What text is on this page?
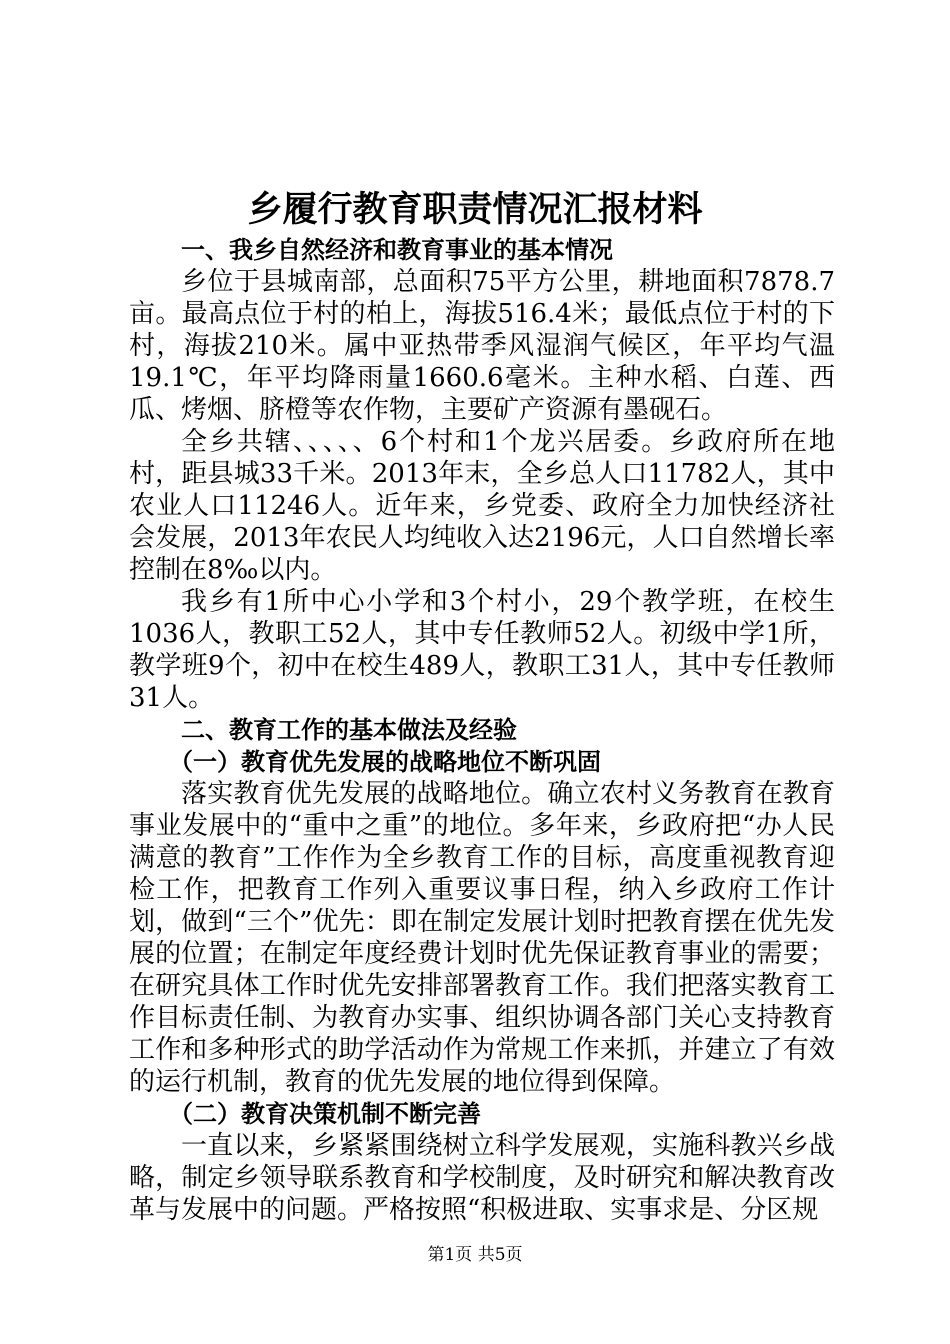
乡履行教育职责情况汇报材料
一、我乡自然经济和教育事业的基本情况

乡位于县城南部，总面积75平方公里，耕地面积7878.7亩。最高点位于村的柏上，海拔516.4米；最低点位于村的下村，海拔210米。属中亚热带季风湿润气候区，年平均气温19.1℃，年平均降雨量1660.6毫米。主种水稻、白莲、西瓜、烤烟、脐橙等农作物，主要矿产资源有墨砚石。

全乡共辖、、、、、6个村和1个龙兴居委。乡政府所在地村，距县城33千米。2013年末，全乡总人口11782人，其中农业人口11246人。近年来，乡党委、政府全力加快经济社会发展，2013年农民人均纯收入达2196元，人口自然增长率控制在8‰以内。

我乡有1所中心小学和3个村小，29个教学班，在校生1036人，教职工52人，其中专任教师52人。初级中学1所，教学班9个，初中在校生489人，教职工31人，其中专任教师31人。

二、教育工作的基本做法及经验
（一）教育优先发展的战略地位不断巩固

落实教育优先发展的战略地位。确立农村义务教育在教育事业发展中的“重中之重”的地位。多年来，乡政府把“办人民满意的教育”工作作为全乡教育工作的目标，高度重视教育迎检工作，把教育工作列入重要议事日程，纳入乡政府工作计划，做到“三个”优先：即在制定发展计划时把教育摆在优先发展的位置；在制定年度经费计划时优先保证教育事业的需要；在研究具体工作时优先安排部署教育工作。我们把落实教育工作目标责任制、为教育办实事、组织协调各部门关心支持教育工作和多种形式的助学活动作为常规工作来抓，并建立了有效的运行机制，教育的优先发展的地位得到保障。

（二）教育决策机制不断完善

一直以来，乡紧紧围绕树立科学发展观，实施科教兴乡战略，制定乡领导联系教育和学校制度，及时研究和解决教育改革与发展中的问题。严格按照“积极进取、实事求是、分区规

第1页 共5页
